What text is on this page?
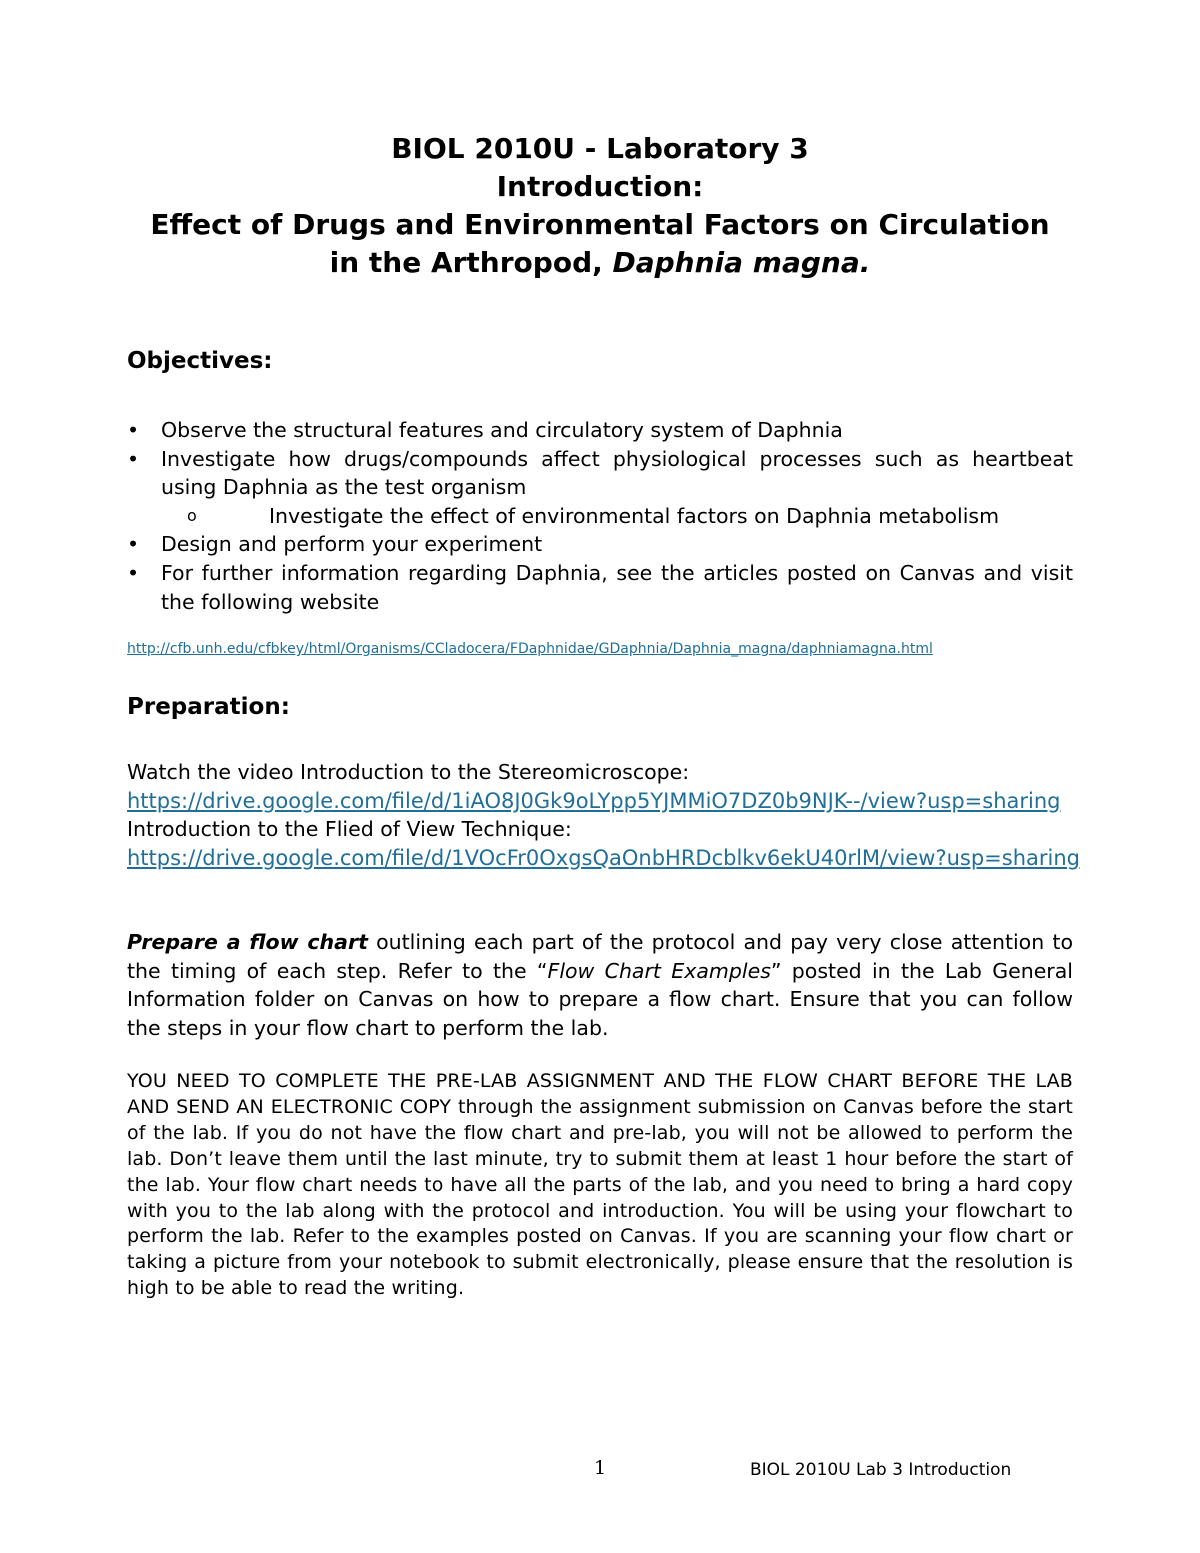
BIOL 2010U - Laboratory 3
Introduction:
Effect of Drugs and Environmental Factors on Circulation
in the Arthropod, Daphnia magna.
Objectives:
•	Observe the structural features and circulatory system of Daphnia
•	Investigate how drugs/compounds affect physiological processes such as heartbeat using Daphnia as the test organism
o	Investigate the effect of environmental factors on Daphnia metabolism
•	Design and perform your experiment
•	For further information regarding Daphnia, see the articles posted on Canvas and visit the following website
http://cfb.unh.edu/cfbkey/html/Organisms/CCladocera/FDaphnidae/GDaphnia/Daphnia_magna/daphniamagna.html
Preparation:
Watch the video Introduction to the Stereomicroscope:
https://drive.google.com/file/d/1iAO8J0Gk9oLYpp5YJMMiO7DZ0b9NJK--/view?usp=sharing
Introduction to the Flied of View Technique:
https://drive.google.com/file/d/1VOcFr0OxgsQaOnbHRDcblkv6ekU40rlM/view?usp=sharing
Prepare a flow chart outlining each part of the protocol and pay very close attention to the timing of each step. Refer to the “Flow Chart Examples” posted in the Lab General Information folder on Canvas on how to prepare a flow chart. Ensure that you can follow the steps in your flow chart to perform the lab.
YOU NEED TO COMPLETE THE PRE-LAB ASSIGNMENT AND THE FLOW CHART BEFORE THE LAB AND SEND AN ELECTRONIC COPY through the assignment submission on Canvas before the start of the lab. If you do not have the flow chart and pre-lab, you will not be allowed to perform the lab. Don’t leave them until the last minute, try to submit them at least 1 hour before the start of the lab. Your flow chart needs to have all the parts of the lab, and you need to bring a hard copy with you to the lab along with the protocol and introduction. You will be using your flowchart to perform the lab. Refer to the examples posted on Canvas. If you are scanning your flow chart or taking a picture from your notebook to submit electronically, please ensure that the resolution is high to be able to read the writing.
1	BIOL 2010U Lab 3 Introduction
